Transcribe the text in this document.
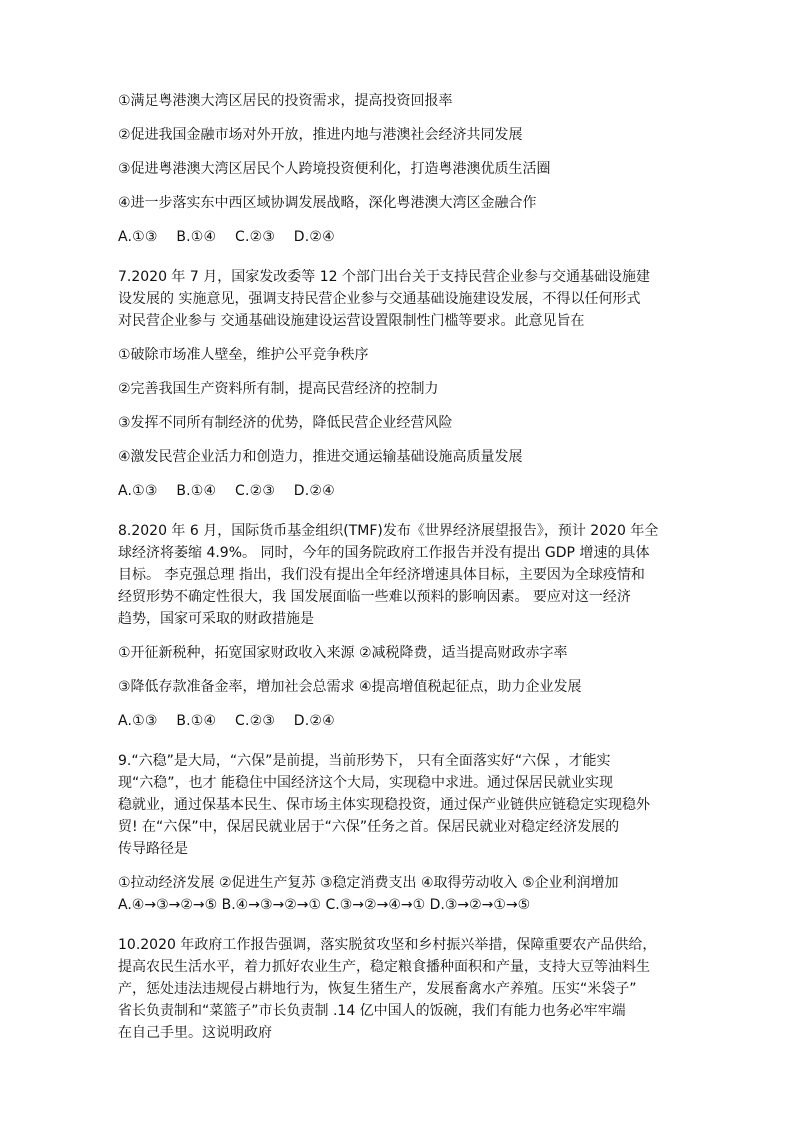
①满足粤港澳大湾区居民的投资需求，提高投资回报率
②促进我国金融市场对外开放，推进内地与港澳社会经济共同发展
③促进粤港澳大湾区居民个人跨境投资便利化，打造粤港澳优质生活圈
④进一步落实东中西区域协调发展战略，深化粤港澳大湾区金融合作
A.①③ B.①④ C.②③ D.②④
7.2020 年 7 月，国家发改委等 12 个部门出台关于支持民营企业参与交通基础设施建
设发展的 实施意见，强调支持民营企业参与交通基础设施建设发展，不得以任何形式
对民营企业参与 交通基础设施建设运营设置限制性门槛等要求。此意见旨在
①破除市场准人壁垒，维护公平竞争秩序
②完善我国生产资料所有制，提高民营经济的控制力
③发挥不同所有制经济的优势，降低民营企业经营风险
④激发民营企业活力和创造力，推进交通运输基础设施高质量发展
A.①③ B.①④ C.②③ D.②④
8.2020 年 6 月，国际货币基金组织(TMF)发布《世界经济展望报告》，预计 2020 年全
球经济将萎缩 4.9%。 同时，今年的国务院政府工作报告并没有提出 GDP 增速的具体
目标。 李克强总理 指出，我们没有提出全年经济增速具体目标，主要因为全球疫情和
经贸形势不确定性很大，我 国发展面临一些难以预料的影响因素。 要应对这一经济
趋势，国家可采取的财政措施是
①开征新税种，拓宽国家财政收入来源 ②减税降费，适当提高财政赤字率
③降低存款准备金率，增加社会总需求 ④提高增值税起征点，助力企业发展
A.①③ B.①④ C.②③ D.②④
9.“六稳”是大局，“六保”是前提，当前形势下， 只有全面落实好“六保 ，才能实
现“六稳”，也才 能稳住中国经济这个大局，实现稳中求进。通过保居民就业实现
稳就业，通过保基本民生、保市场主体实现稳投资，通过保产业链供应链稳定实现稳外
贸! 在“六保”中，保居民就业居于“六保”任务之首。保居民就业对稳定经济发展的
传导路径是
①拉动经济发展 ②促进生产复苏 ③稳定消费支出 ④取得劳动收入 ⑤企业利润增加
A.④→③→②→⑤ B.④→③→②→① C.③→②→④→① D.③→②→①→⑤
10.2020 年政府工作报告强调，落实脱贫攻坚和乡村振兴举措，保障重要农产品供给，
提高农民生活水平，着力抓好农业生产，稳定粮食播种面积和产量，支持大豆等油料生
产，惩处违法违规侵占耕地行为，恢复生猪生产，发展畜禽水产养殖。压实“米袋子”
省长负责制和“菜篮子”市长负责制 .14 亿中国人的饭碗，我们有能力也务必牢牢端
在自己手里。这说明政府
